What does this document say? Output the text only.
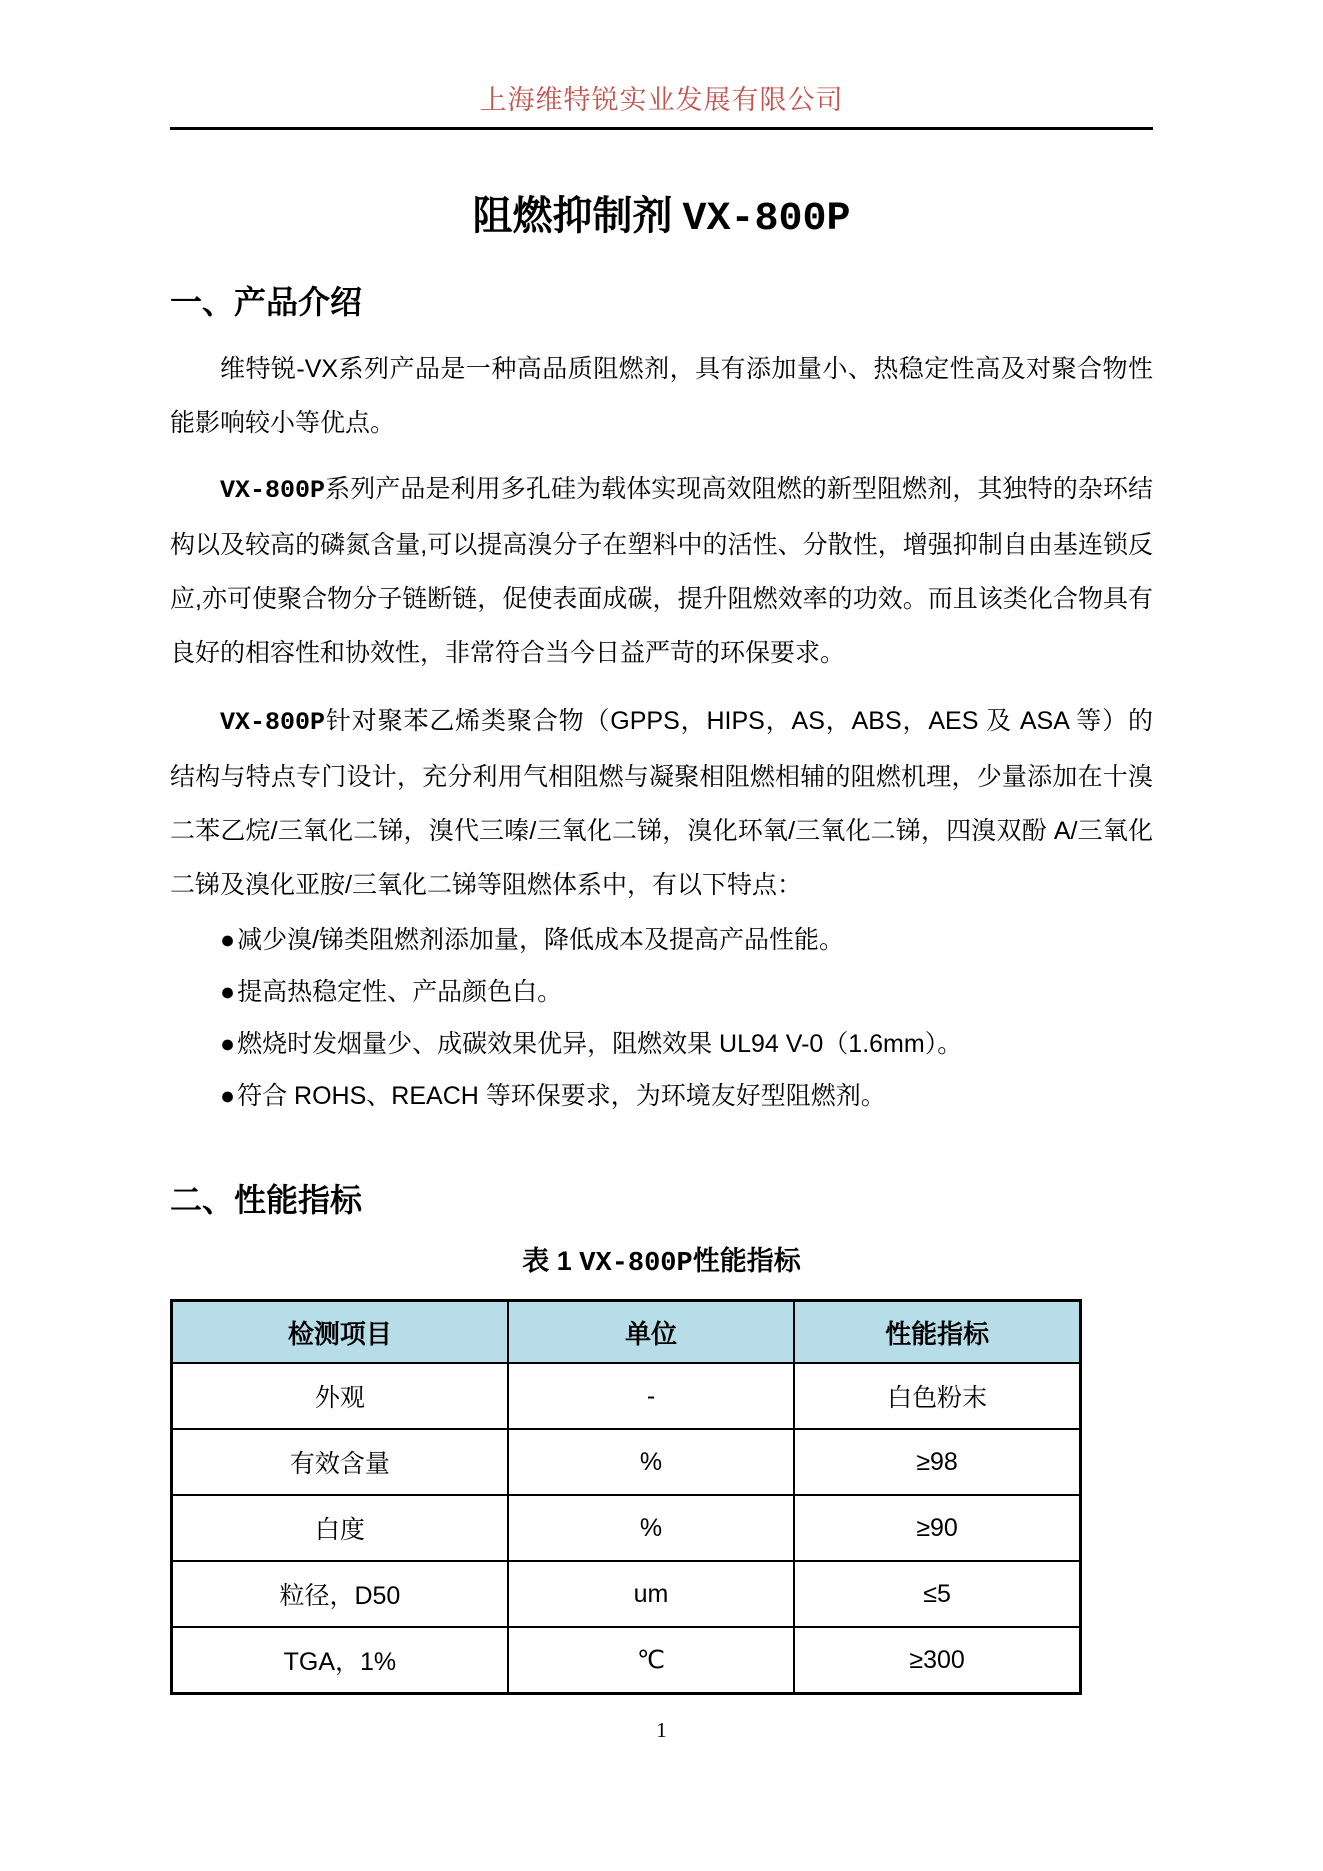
上海维特锐实业发展有限公司
阻燃抑制剂 VX-800P
一、产品介绍

维特锐-VX系列产品是一种高品质阻燃剂，具有添加量小、热稳定性高及对聚合物性能影响较小等优点。

VX-800P系列产品是利用多孔硅为载体实现高效阻燃的新型阻燃剂，其独特的杂环结构以及较高的磷氮含量,可以提高溴分子在塑料中的活性、分散性，增强抑制自由基连锁反应,亦可使聚合物分子链断链，促使表面成碳，提升阻燃效率的功效。而且该类化合物具有良好的相容性和协效性，非常符合当今日益严苛的环保要求。

VX-800P针对聚苯乙烯类聚合物（GPPS，HIPS，AS，ABS，AES 及 ASA 等）的结构与特点专门设计，充分利用气相阻燃与凝聚相阻燃相辅的阻燃机理，少量添加在十溴二苯乙烷/三氧化二锑，溴代三嗪/三氧化二锑，溴化环氧/三氧化二锑，四溴双酚 A/三氧化二锑及溴化亚胺/三氧化二锑等阻燃体系中，有以下特点：

●减少溴/锑类阻燃剂添加量，降低成本及提高产品性能。
●提高热稳定性、产品颜色白。
●燃烧时发烟量少、成碳效果优异，阻燃效果 UL94 V-0（1.6mm）。
●符合 ROHS、REACH 等环保要求，为环境友好型阻燃剂。
二、性能指标
表 1 VX-800P性能指标
检测项目	单位	性能指标
外观	-	白色粉末
有效含量	%	≥98
白度	%	≥90
粒径，D50	um	≤5
TGA，1%	℃	≥300
1
